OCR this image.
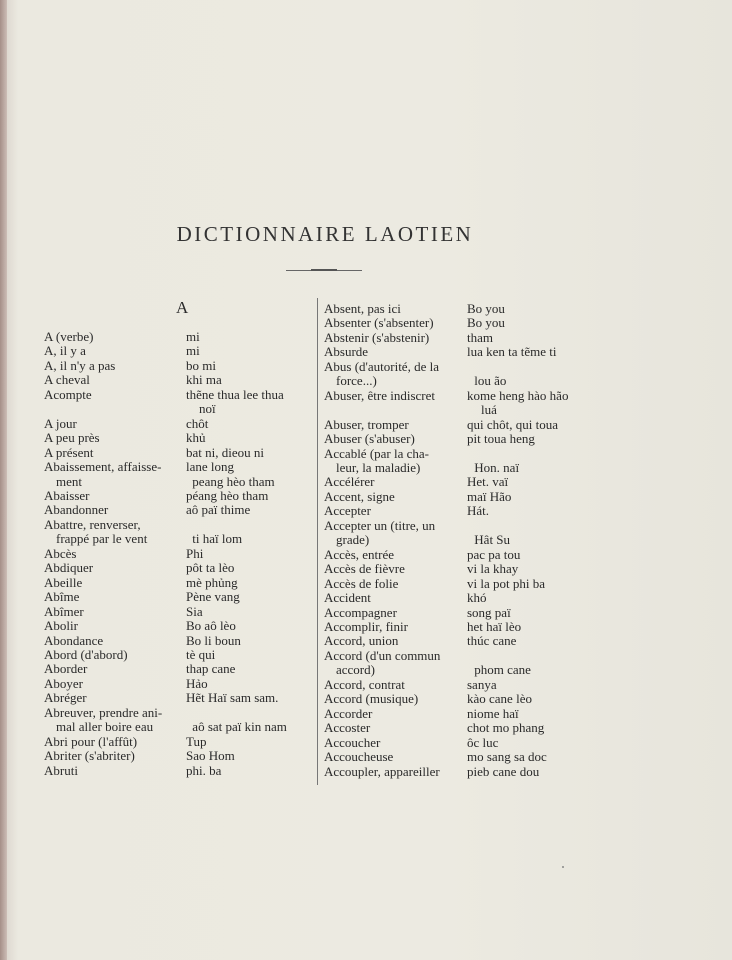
DICTIONNAIRE LAOTIEN
A
A (verbe)	mi
A, il y a	mi
A, il n'y a pas	bo mi
A cheval	khi ma
Acompte	thẽne thua lee thua
noï
A jour	chôt
A peu près	khủ
A présent	bat ni, dieou ni
Abaissement, affaisse-	lane long
ment	peang hèo tham
Abaisser	péang hèo tham
Abandonner	aô paï thime
Abattre, renverser,
frappé par le vent	ti haï lom
Abcès	Phi
Abdiquer	pôt ta lèo
Abeille	mè phủng
Abîme	Pène vang
Abîmer	Sia
Abolir	Bo aô lèo
Abondance	Bo li boun
Abord (d'abord)	tè qui
Aborder	thap cane
Aboyer	Hảo
Abréger	Hẽt Haï sam sam.
Abreuver, prendre ani-
mal aller boire eau	aô sat paï kin nam
Abri pour (l'affût)	Tup
Abriter (s'abriter)	Sao Hom
Abruti	phi. ba
Absent, pas ici	Bo you
Absenter (s'absenter)	Bo you
Abstenir (s'abstenir)	tham
Absurde	lua ken ta tẽme ti
Abus (d'autorité, de la
force...)	lou ão
Abuser, être indiscret	kome heng hào hão
luá
Abuser, tromper	qui chôt, qui toua
Abuser (s'abuser)	pit toua heng
Accablé (par la cha-
leur, la maladie)	Hon. naï
Accélérer	Het. vaï
Accent, signe	maï Hão
Accepter	Hát.
Accepter un (titre, un
grade)	Hât Su
Accès, entrée	pac pa tou
Accès de fièvre	vi la khay
Accès de folie	vi la pot phi ba
Accident	khó
Accompagner	song paï
Accomplir, finir	het haï lèo
Accord, union	thúc cane
Accord (d'un commun
accord)	phom cane
Accord, contrat	sanya
Accord (musique)	kào cane lèo
Accorder	niome haï
Accoster	chot mo phang
Accoucher	ôc luc
Accoucheuse	mo sang sa doc
Accoupler, appareiller	pieb cane dou
